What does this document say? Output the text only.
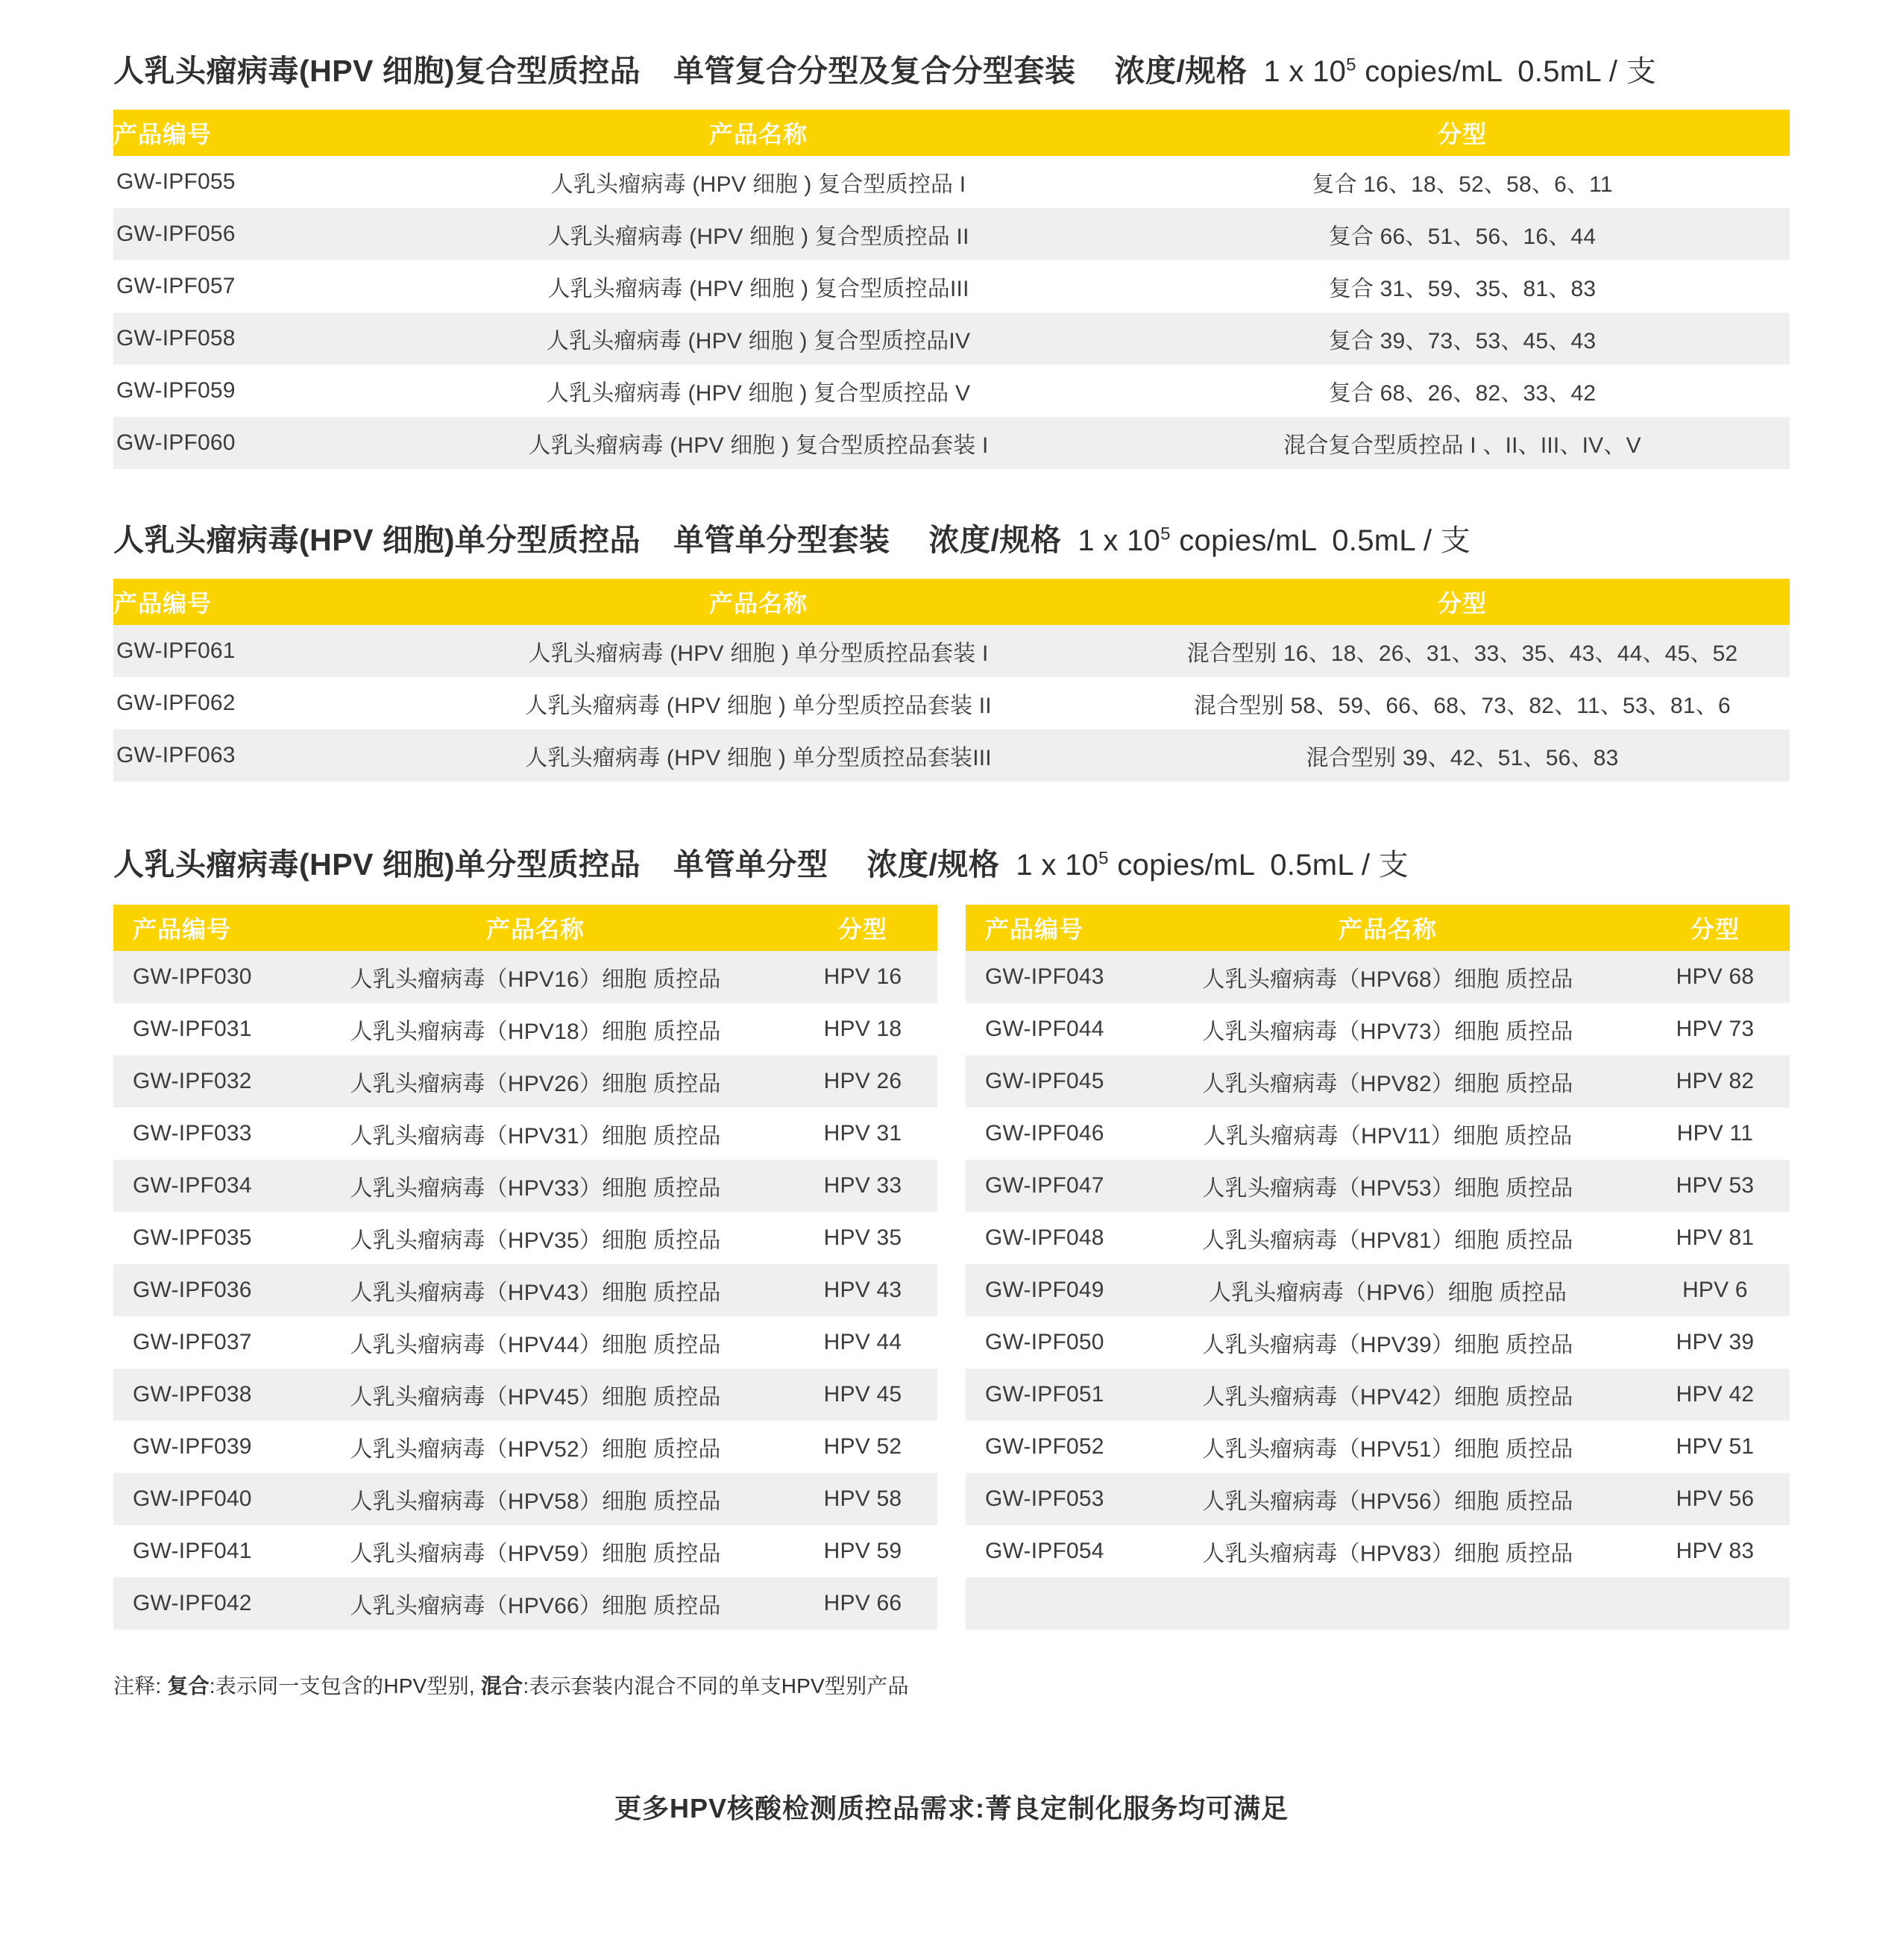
人乳头瘤病毒(HPV 细胞)复合型质控品 单管复合分型及复合分型套装 浓度/规格 1 x $10^5$ copies/mL 0.5mL / 支
产品编号	产品名称	分型
GW-IPF055	人乳头瘤病毒 (HPV 细胞 ) 复合型质控品 I	复合 16、18、52、58、6、11
GW-IPF056	人乳头瘤病毒 (HPV 细胞 ) 复合型质控品 II	复合 66、51、56、16、44
GW-IPF057	人乳头瘤病毒 (HPV 细胞 ) 复合型质控品III	复合 31、59、35、81、83
GW-IPF058	人乳头瘤病毒 (HPV 细胞 ) 复合型质控品IV	复合 39、73、53、45、43
GW-IPF059	人乳头瘤病毒 (HPV 细胞 ) 复合型质控品 V	复合 68、26、82、33、42
GW-IPF060	人乳头瘤病毒 (HPV 细胞 ) 复合型质控品套装 I	混合复合型质控品 I 、II、III、IV、V
人乳头瘤病毒(HPV 细胞)单分型质控品 单管单分型套装 浓度/规格 1 x $10^5$ copies/mL 0.5mL / 支
产品编号	产品名称	分型
GW-IPF061	人乳头瘤病毒 (HPV 细胞 ) 单分型质控品套装 I	混合型别 16、18、26、31、33、35、43、44、45、52
GW-IPF062	人乳头瘤病毒 (HPV 细胞 ) 单分型质控品套装 II	混合型别 58、59、66、68、73、82、11、53、81、6
GW-IPF063	人乳头瘤病毒 (HPV 细胞 ) 单分型质控品套装III	混合型别 39、42、51、56、83
人乳头瘤病毒(HPV 细胞)单分型质控品 单管单分型 浓度/规格 1 x $10^5$ copies/mL 0.5mL / 支
产品编号	产品名称	分型
GW-IPF030	人乳头瘤病毒（HPV16）细胞 质控品	HPV 16
GW-IPF031	人乳头瘤病毒（HPV18）细胞 质控品	HPV 18
GW-IPF032	人乳头瘤病毒（HPV26）细胞 质控品	HPV 26
GW-IPF033	人乳头瘤病毒（HPV31）细胞 质控品	HPV 31
GW-IPF034	人乳头瘤病毒（HPV33）细胞 质控品	HPV 33
GW-IPF035	人乳头瘤病毒（HPV35）细胞 质控品	HPV 35
GW-IPF036	人乳头瘤病毒（HPV43）细胞 质控品	HPV 43
GW-IPF037	人乳头瘤病毒（HPV44）细胞 质控品	HPV 44
GW-IPF038	人乳头瘤病毒（HPV45）细胞 质控品	HPV 45
GW-IPF039	人乳头瘤病毒（HPV52）细胞 质控品	HPV 52
GW-IPF040	人乳头瘤病毒（HPV58）细胞 质控品	HPV 58
GW-IPF041	人乳头瘤病毒（HPV59）细胞 质控品	HPV 59
GW-IPF042	人乳头瘤病毒（HPV66）细胞 质控品	HPV 66
产品编号	产品名称	分型
GW-IPF043	人乳头瘤病毒（HPV68）细胞 质控品	HPV 68
GW-IPF044	人乳头瘤病毒（HPV73）细胞 质控品	HPV 73
GW-IPF045	人乳头瘤病毒（HPV82）细胞 质控品	HPV 82
GW-IPF046	人乳头瘤病毒（HPV11）细胞 质控品	HPV 11
GW-IPF047	人乳头瘤病毒（HPV53）细胞 质控品	HPV 53
GW-IPF048	人乳头瘤病毒（HPV81）细胞 质控品	HPV 81
GW-IPF049	人乳头瘤病毒（HPV6）细胞 质控品	HPV 6
GW-IPF050	人乳头瘤病毒（HPV39）细胞 质控品	HPV 39
GW-IPF051	人乳头瘤病毒（HPV42）细胞 质控品	HPV 42
GW-IPF052	人乳头瘤病毒（HPV51）细胞 质控品	HPV 51
GW-IPF053	人乳头瘤病毒（HPV56）细胞 质控品	HPV 56
GW-IPF054	人乳头瘤病毒（HPV83）细胞 质控品	HPV 83

注释: 复合:表示同一支包含的HPV型别, 混合:表示套装内混合不同的单支HPV型别产品
更多HPV核酸检测质控品需求:菁良定制化服务均可满足
